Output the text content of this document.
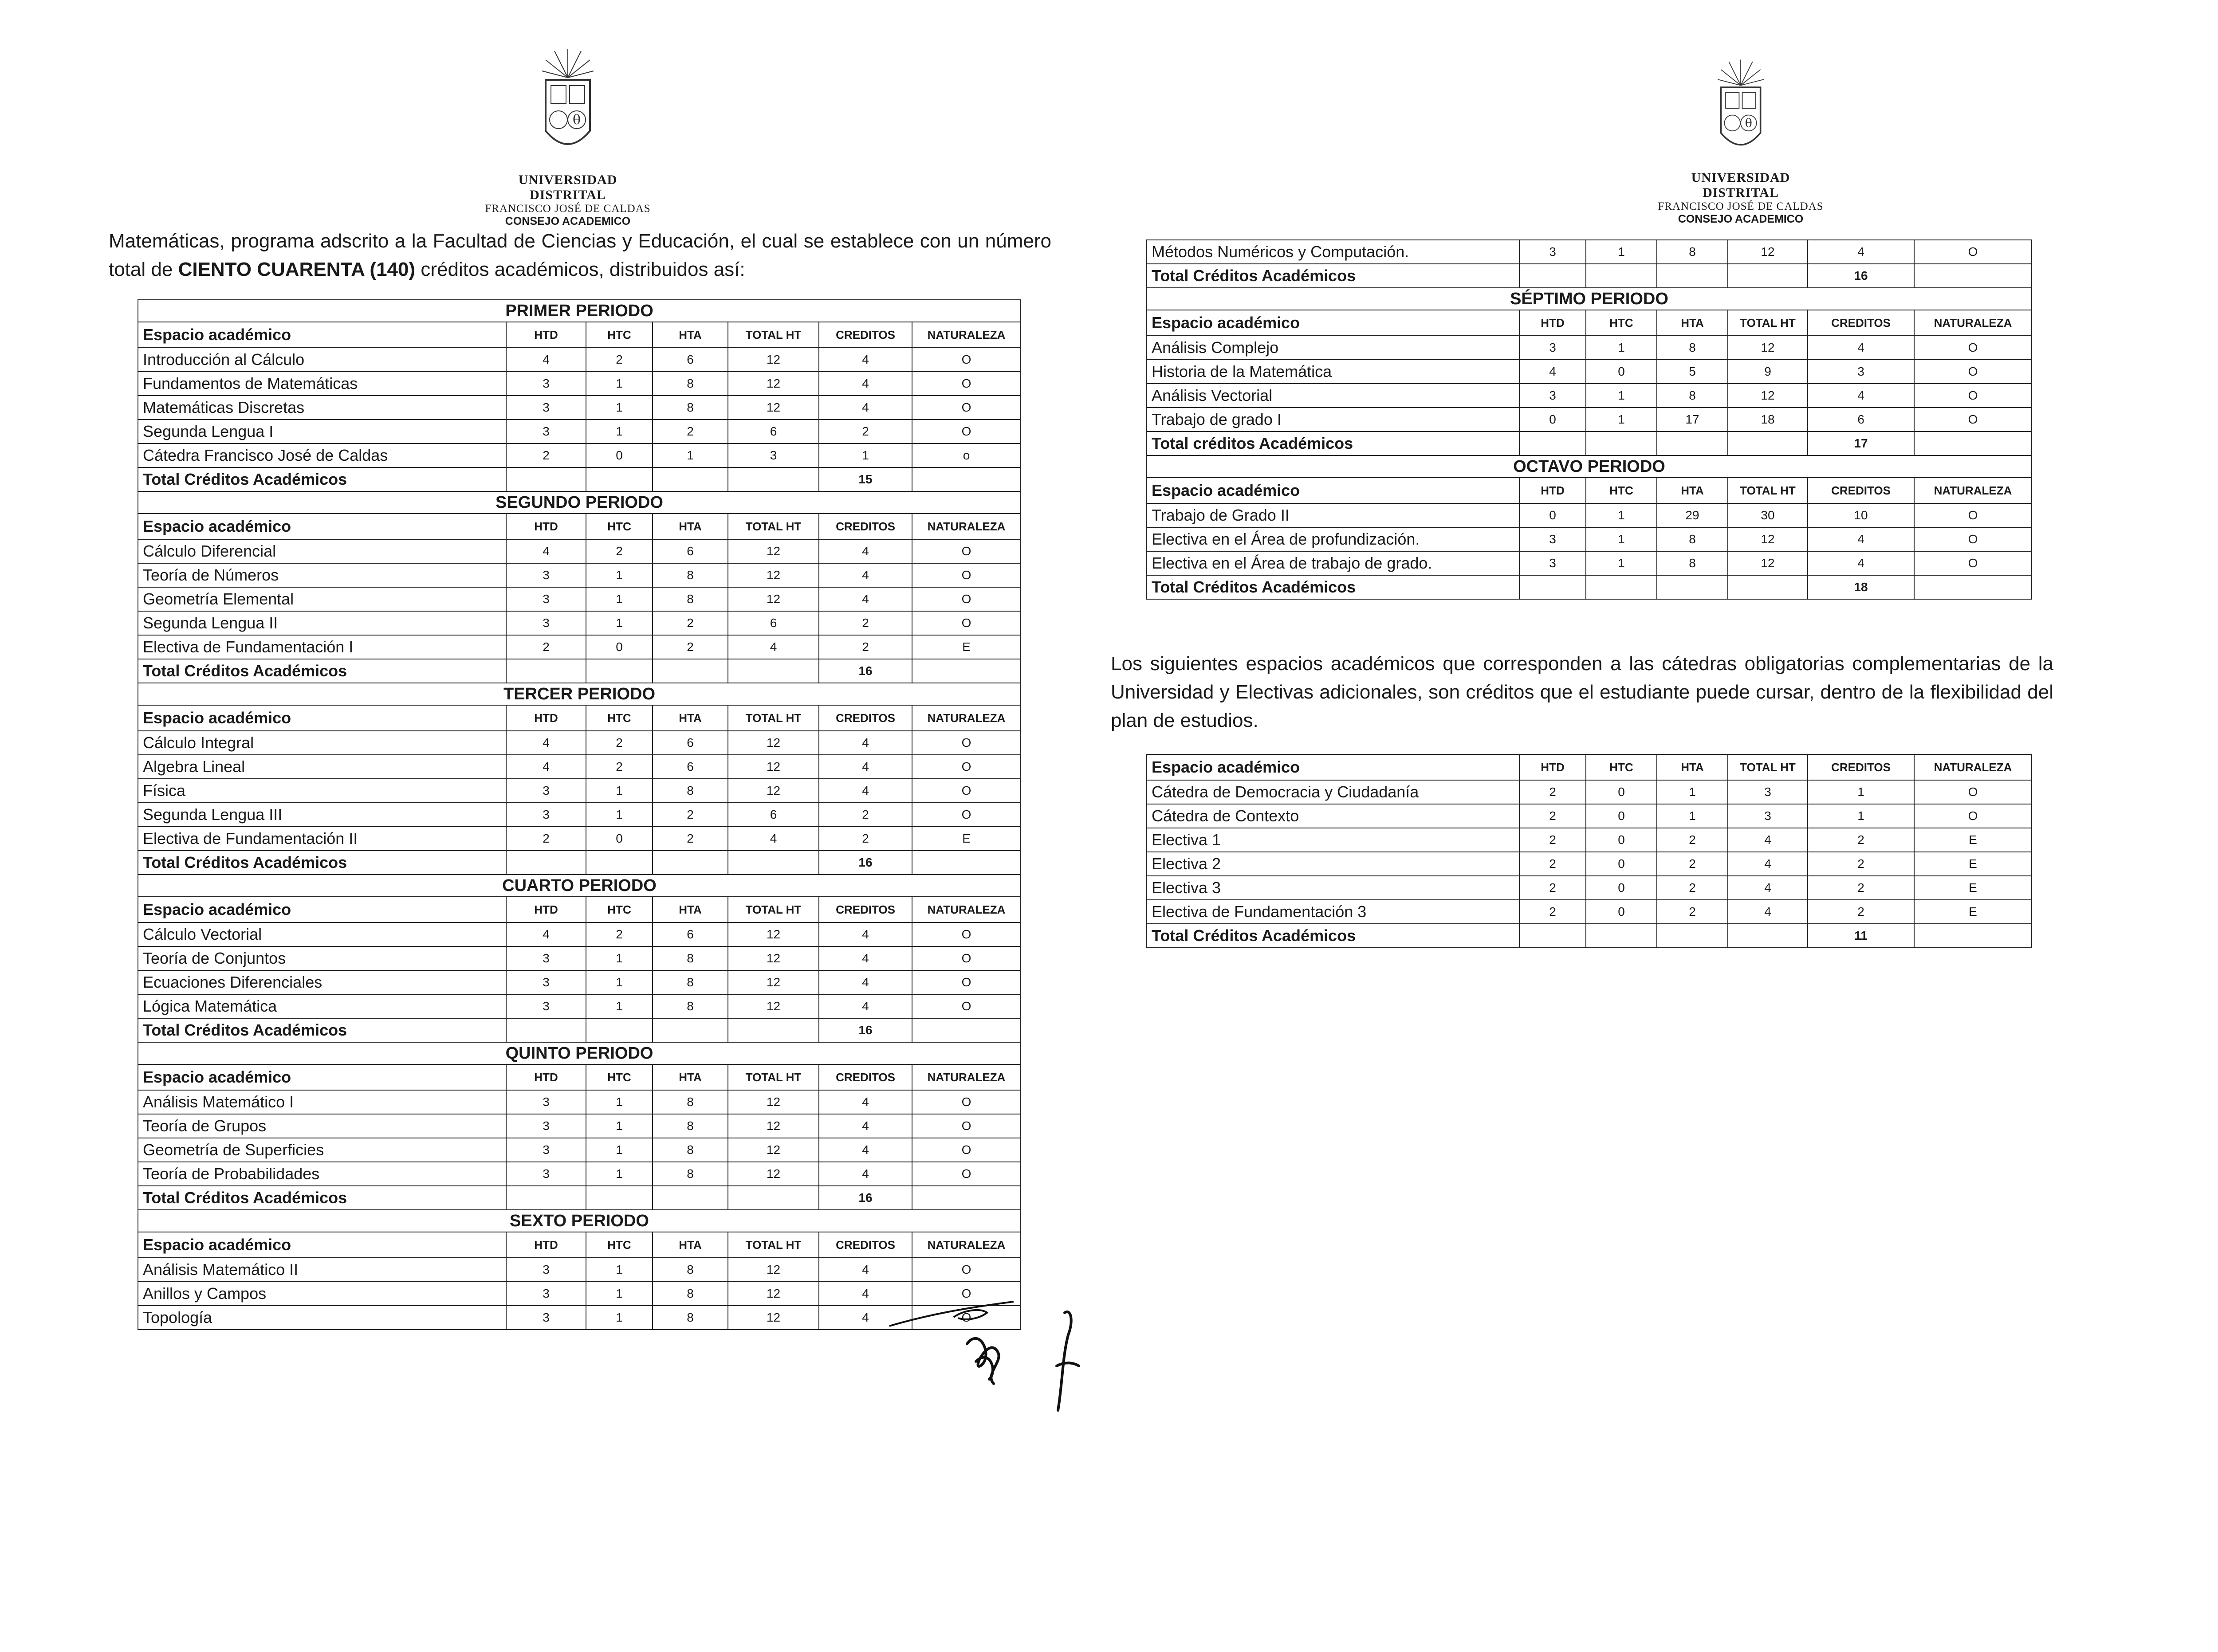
θ
UNIVERSIDAD DISTRITAL
FRANCISCO JOSÉ DE CALDAS
CONSEJO ACADEMICO
Matemáticas, programa adscrito a la Facultad de Ciencias y Educación, el cual se establece con un número total de CIENTO CUARENTA (140) créditos académicos, distribuidos así:
PRIMER PERIODO						
Espacio académico	HTD	HTC	HTA	TOTAL HT	CREDITOS	NATURALEZA
Introducción al Cálculo	4	2	6	12	4	O
Fundamentos de Matemáticas	3	1	8	12	4	O
Matemáticas Discretas	3	1	8	12	4	O
Segunda Lengua I	3	1	2	6	2	O
Cátedra Francisco José de Caldas	2	0	1	3	1	o
Total Créditos Académicos					15	
SEGUNDO PERIODO						
Espacio académico	HTD	HTC	HTA	TOTAL HT	CREDITOS	NATURALEZA
Cálculo Diferencial	4	2	6	12	4	O
Teoría de Números	3	1	8	12	4	O
Geometría Elemental	3	1	8	12	4	O
Segunda Lengua II	3	1	2	6	2	O
Electiva de Fundamentación I	2	0	2	4	2	E
Total Créditos Académicos					16	
TERCER PERIODO						
Espacio académico	HTD	HTC	HTA	TOTAL HT	CREDITOS	NATURALEZA
Cálculo Integral	4	2	6	12	4	O
Algebra Lineal	4	2	6	12	4	O
Física	3	1	8	12	4	O
Segunda Lengua III	3	1	2	6	2	O
Electiva de Fundamentación II	2	0	2	4	2	E
Total Créditos Académicos					16	
CUARTO PERIODO						
Espacio académico	HTD	HTC	HTA	TOTAL HT	CREDITOS	NATURALEZA
Cálculo Vectorial	4	2	6	12	4	O
Teoría de Conjuntos	3	1	8	12	4	O
Ecuaciones Diferenciales	3	1	8	12	4	O
Lógica Matemática	3	1	8	12	4	O
Total Créditos Académicos					16	
QUINTO PERIODO						
Espacio académico	HTD	HTC	HTA	TOTAL HT	CREDITOS	NATURALEZA
Análisis Matemático I	3	1	8	12	4	O
Teoría de Grupos	3	1	8	12	4	O
Geometría de Superficies	3	1	8	12	4	O
Teoría de Probabilidades	3	1	8	12	4	O
Total Créditos Académicos					16	
SEXTO PERIODO						
Espacio académico	HTD	HTC	HTA	TOTAL HT	CREDITOS	NATURALEZA
Análisis Matemático II	3	1	8	12	4	O
Anillos y Campos	3	1	8	12	4	O
Topología	3	1	8	12	4	O
θ
UNIVERSIDAD DISTRITAL
FRANCISCO JOSÉ DE CALDAS
CONSEJO ACADEMICO
Métodos Numéricos y Computación.	3	1	8	12	4	O
Total Créditos Académicos					16	
SÉPTIMO PERIODO						
Espacio académico	HTD	HTC	HTA	TOTAL HT	CREDITOS	NATURALEZA
Análisis Complejo	3	1	8	12	4	O
Historia de la Matemática	4	0	5	9	3	O
Análisis Vectorial	3	1	8	12	4	O
Trabajo de grado I	0	1	17	18	6	O
Total créditos Académicos					17	
OCTAVO PERIODO						
Espacio académico	HTD	HTC	HTA	TOTAL HT	CREDITOS	NATURALEZA
Trabajo de Grado II	0	1	29	30	10	O
Electiva en el Área de profundización.	3	1	8	12	4	O
Electiva en el Área de trabajo de grado.	3	1	8	12	4	O
Total Créditos Académicos					18	
Los siguientes espacios académicos que corresponden a las cátedras obligatorias complementarias de la Universidad y Electivas adicionales, son créditos que el estudiante puede cursar, dentro de la flexibilidad del plan de estudios.
Espacio académico	HTD	HTC	HTA	TOTAL HT	CREDITOS	NATURALEZA
Cátedra de Democracia y Ciudadanía	2	0	1	3	1	O
Cátedra de Contexto	2	0	1	3	1	O
Electiva 1	2	0	2	4	2	E
Electiva 2	2	0	2	4	2	E
Electiva 3	2	0	2	4	2	E
Electiva de Fundamentación 3	2	0	2	4	2	E
Total Créditos Académicos					11	
